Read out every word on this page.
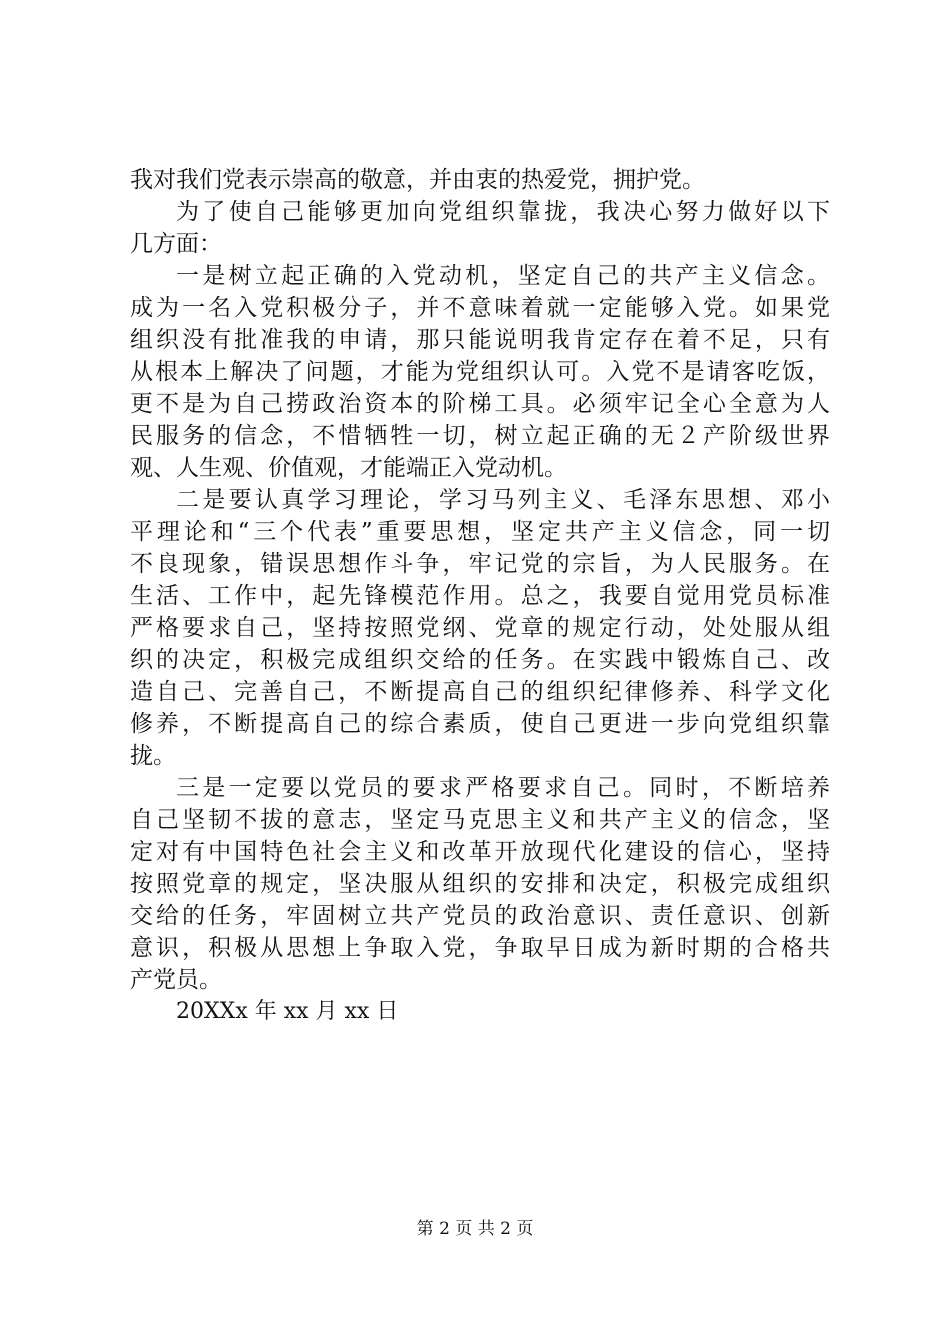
我对我们党表示崇高的敬意，并由衷的热爱党，拥护党。
为了使自己能够更加向党组织靠拢，我决心努力做好以下
几方面：
一是树立起正确的入党动机，坚定自己的共产主义信念。
成为一名入党积极分子，并不意味着就一定能够入党。如果党
组织没有批准我的申请，那只能说明我肯定存在着不足，只有
从根本上解决了问题，才能为党组织认可。入党不是请客吃饭，
更不是为自己捞政治资本的阶梯工具。必须牢记全心全意为人
民服务的信念，不惜牺牲一切，树立起正确的无２产阶级世界
观、人生观、价值观，才能端正入党动机。
二是要认真学习理论，学习马列主义、毛泽东思想、邓小
平理论和“三个代表”重要思想，坚定共产主义信念，同一切
不良现象，错误思想作斗争，牢记党的宗旨，为人民服务。在
生活、工作中，起先锋模范作用。总之，我要自觉用党员标准
严格要求自己，坚持按照党纲、党章的规定行动，处处服从组
织的决定，积极完成组织交给的任务。在实践中锻炼自己、改
造自己、完善自己，不断提高自己的组织纪律修养、科学文化
修养，不断提高自己的综合素质，使自己更进一步向党组织靠
拢。
三是一定要以党员的要求严格要求自己。同时，不断培养
自己坚韧不拔的意志，坚定马克思主义和共产主义的信念，坚
定对有中国特色社会主义和改革开放现代化建设的信心，坚持
按照党章的规定，坚决服从组织的安排和决定，积极完成组织
交给的任务，牢固树立共产党员的政治意识、责任意识、创新
意识，积极从思想上争取入党，争取早日成为新时期的合格共
产党员。
20XXx 年 xx 月 xx 日
第 2 页 共 2 页
